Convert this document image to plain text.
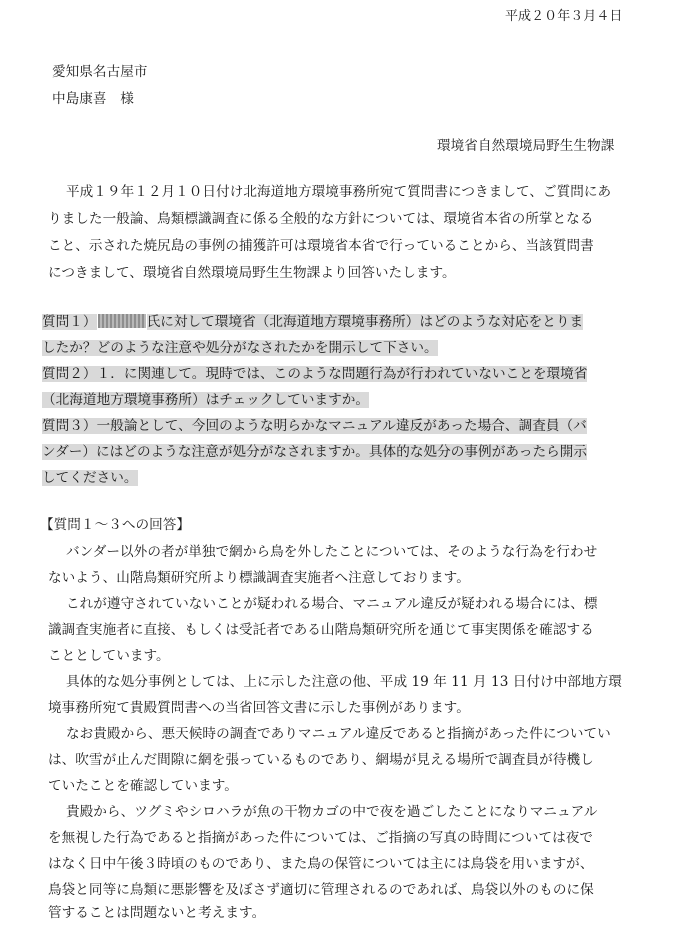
平成２０年３月４日
愛知県名古屋市
中島康喜　様
環境省自然環境局野生生物課
平成１９年１２月１０日付け北海道地方環境事務所宛て質問書につきまして、ご質問にあ
りました一般論、鳥類標識調査に係る全般的な方針については、環境省本省の所掌となる
こと、示された焼尻島の事例の捕獲許可は環境省本省で行っていることから、当該質問書
につきまして、環境省自然環境局野生生物課より回答いたします。
質問１）	氏に対して環境省（北海道地方環境事務所）はどのような対応をとりま
したか？どのような注意や処分がなされたかを開示して下さい。
質問２）１．に関連して。現時では、このような問題行為が行われていないことを環境省
（北海道地方環境事務所）はチェックしていますか。
質問３）一般論として、今回のような明らかなマニュアル違反があった場合、調査員（バ
ンダー）にはどのような注意が処分がなされますか。具体的な処分の事例があったら開示
してください。
【質問１～３への回答】
バンダー以外の者が単独で網から鳥を外したことについては、そのような行為を行わせ
ないよう、山階鳥類研究所より標識調査実施者へ注意しております。
これが遵守されていないことが疑われる場合、マニュアル違反が疑われる場合には、標
識調査実施者に直接、もしくは受託者である山階鳥類研究所を通じて事実関係を確認する
こととしています。
具体的な処分事例としては、上に示した注意の他、平成 19 年 11 月 13 日付け中部地方環
境事務所宛て貴殿質問書への当省回答文書に示した事例があります。
なお貴殿から、悪天候時の調査でありマニュアル違反であると指摘があった件についてい
は、吹雪が止んだ間隙に網を張っているものであり、網場が見える場所で調査員が待機し
ていたことを確認しています。
貴殿から、ツグミやシロハラが魚の干物カゴの中で夜を過ごしたことになりマニュアル
を無視した行為であると指摘があった件については、ご指摘の写真の時間については夜で
はなく日中午後３時頃のものであり、また鳥の保管については主には鳥袋を用いますが、
鳥袋と同等に鳥類に悪影響を及ぼさず適切に管理されるのであれば、鳥袋以外のものに保
管することは問題ないと考えます。
